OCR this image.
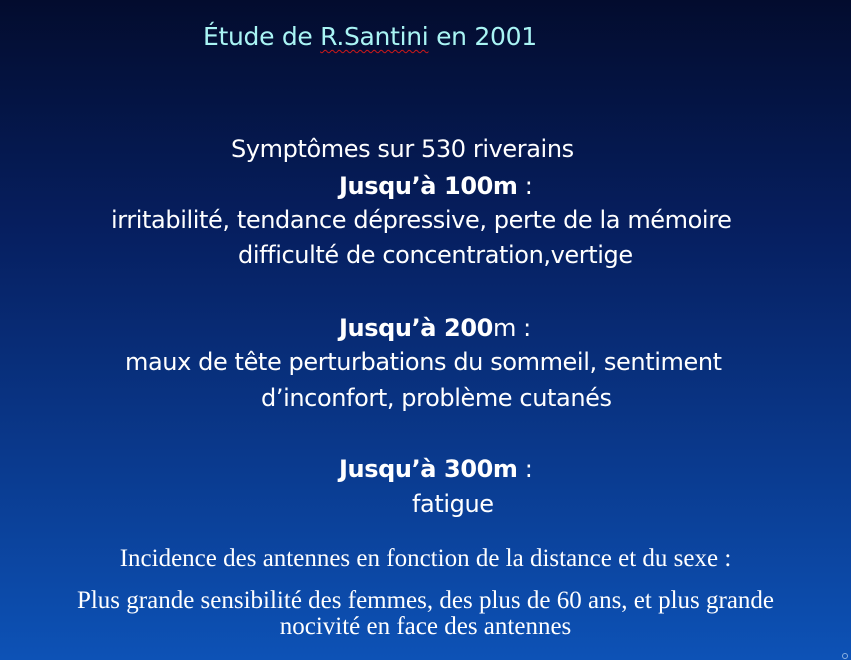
Étude de R.Santini en 2001
Symptômes sur 530 riverains
Jusqu’à 100m :
irritabilité, tendance dépressive, perte de la mémoire
difficulté de concentration,vertige
Jusqu’à 200m :
maux de tête perturbations du sommeil, sentiment
d’inconfort, problème cutanés
Jusqu’à 300m :
fatigue
Incidence des antennes en fonction de la distance et du sexe :
Plus grande sensibilité des femmes, des plus de 60 ans, et plus grande
nocivité en face des antennes
